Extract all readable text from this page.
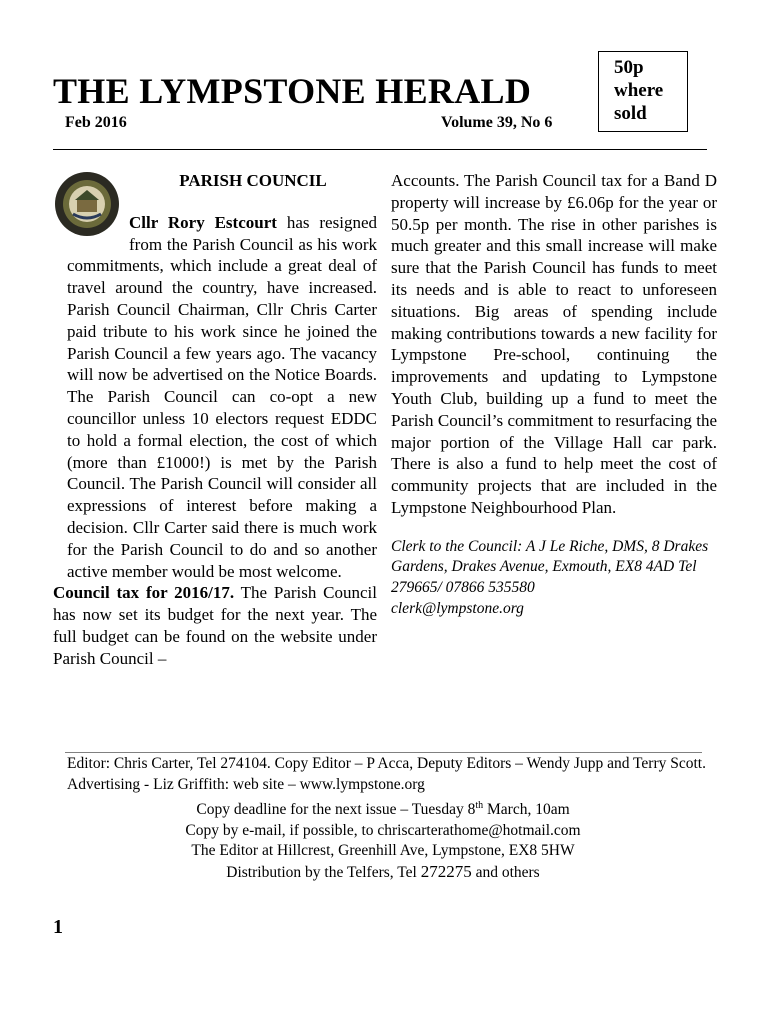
THE LYMPSTONE HERALD
50p
where
sold
Feb 2016	Volume 39, No 6
PARISH COUNCIL

Cllr Rory Estcourt has resigned from the Parish Council as his work commitments, which include a great deal of travel around the country, have increased. Parish Council Chairman, Cllr Chris Carter paid tribute to his work since he joined the Parish Council a few years ago. The vacancy will now be advertised on the Notice Boards. The Parish Council can co-opt a new councillor unless 10 electors request EDDC to hold a formal election, the cost of which (more than £1000!) is met by the Parish Council. The Parish Council will consider all expressions of interest before making a decision. Cllr Carter said there is much work for the Parish Council to do and so another active member would be most welcome.

Council tax for 2016/17. The Parish Council has now set its budget for the next year. The full budget can be found on the website under Parish Council –

Accounts. The Parish Council tax for a Band D property will increase by £6.06p for the year or 50.5p per month. The rise in other parishes is much greater and this small increase will make sure that the Parish Council has funds to meet its needs and is able to react to unforeseen situations. Big areas of spending include making contributions towards a new facility for Lympstone Pre-school, continuing the improvements and updating to Lympstone Youth Club, building up a fund to meet the Parish Council’s commitment to resurfacing the major portion of the Village Hall car park. There is also a fund to help meet the cost of community projects that are included in the Lympstone Neighbourhood Plan.

Clerk to the Council: A J Le Riche, DMS, 8 Drakes Gardens, Drakes Avenue, Exmouth, EX8 4AD Tel 279665/ 07866 535580
clerk@lympstone.org
Editor: Chris Carter, Tel 274104. Copy Editor – P Acca, Deputy Editors – Wendy Jupp and Terry Scott. Advertising - Liz Griffith: web site – www.lympstone.org
Copy deadline for the next issue – Tuesday 8th March, 10am
Copy by e-mail, if possible, to chriscarterathome@hotmail.com
The Editor at Hillcrest, Greenhill Ave, Lympstone, EX8 5HW
Distribution by the Telfers, Tel 272275 and others
1
